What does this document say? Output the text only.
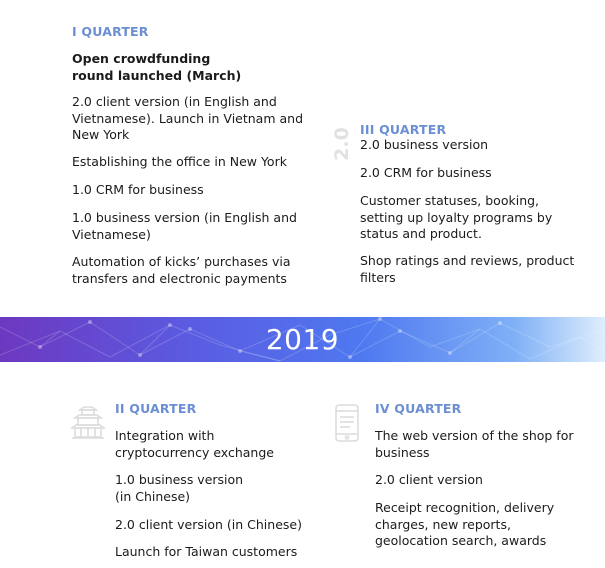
I QUARTER
Open crowdfunding
round launched (March)
2.0 client version (in English and
Vietnamese). Launch in Vietnam and
New York
Establishing the office in New York
1.0 CRM for business
1.0 business version (in English and
Vietnamese)
Automation of kicks’ purchases via
transfers and electronic payments
2.0 III QUARTER
2.0 business version
2.0 CRM for business
Customer statuses, booking,
setting up loyalty programs by
status and product.
Shop ratings and reviews, product
filters
2019
II QUARTER
Integration with
cryptocurrency exchange
1.0 business version
(in Chinese)
2.0 client version (in Chinese)
Launch for Taiwan customers
IV QUARTER
The web version of the shop for
business
2.0 client version
Receipt recognition, delivery
charges, new reports,
geolocation search, awards
